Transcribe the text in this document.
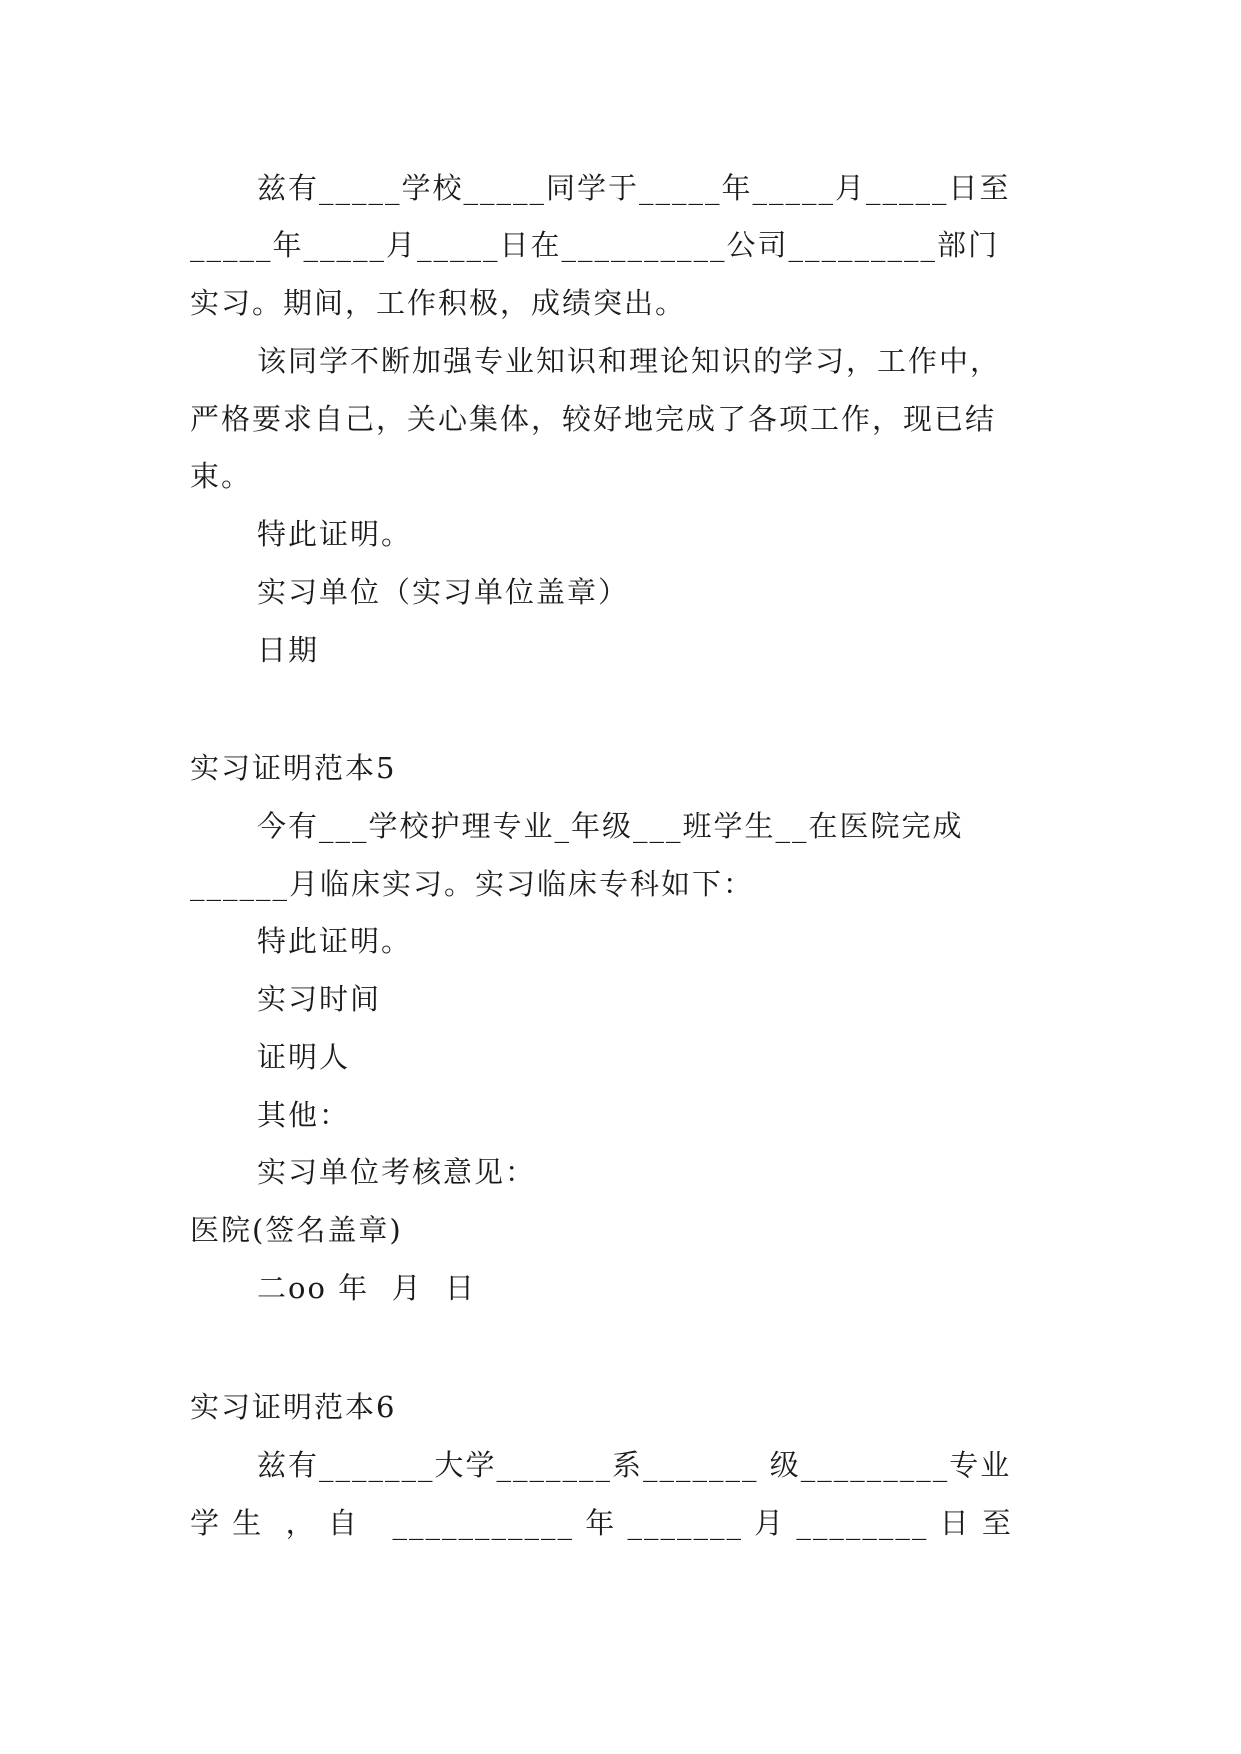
兹有_____学校_____同学于_____年_____月_____日至
_____年_____月_____日在__________公司_________部门
实习。期间，工作积极，成绩突出。
该同学不断加强专业知识和理论知识的学习，工作中，
严格要求自己，关心集体，较好地完成了各项工作，现已结
束。
特此证明。
实习单位（实习单位盖章）
日期
实习证明范本5
今有___学校护理专业_年级___班学生__在医院完成
______月临床实习。实习临床专科如下：
特此证明。
实习时间
证明人
其他：
实习单位考核意见：
医院(签名盖章)
二oo 年  月  日
实习证明范本6
兹有_______大学_______系_______ 级_________专业
学 生  ， 自   ___________ 年 _______ 月 ________ 日 至
